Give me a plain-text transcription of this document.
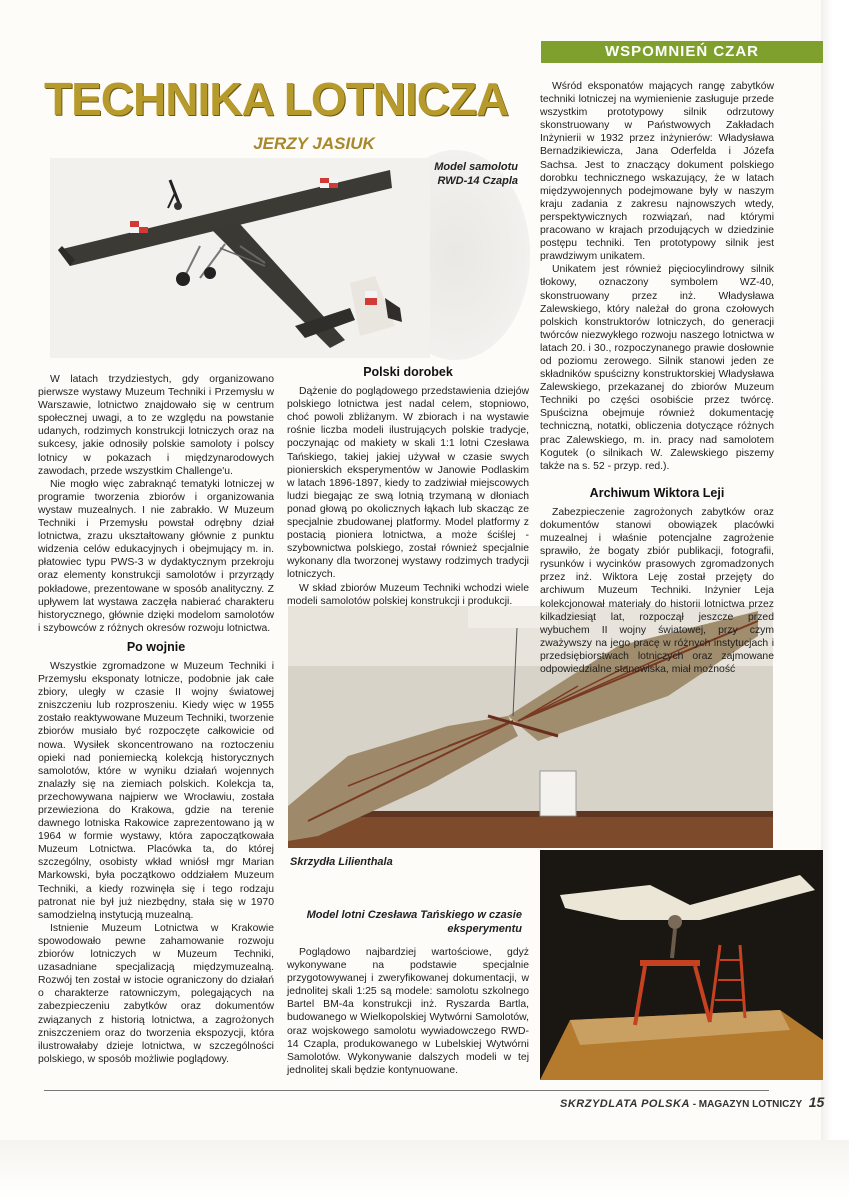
WSPOMNIEŃ CZAR
TECHNIKA LOTNICZA
JERZY JASIUK
Model samolotu RWD-14 Czapla
Skrzydła Lilienthala
Model lotni Czesława Tańskiego w czasie eksperymentu

W latach trzydziestych, gdy organizowano pierwsze wystawy Muzeum Techniki i Przemysłu w Warszawie, lotnictwo znajdowało się w centrum społecznej uwagi, a to ze względu na powstanie udanych, rodzimych konstrukcji lotniczych oraz na sukcesy, jakie odnosiły polskie samoloty i polscy lotnicy w pokazach i międzynarodowych zawodach, przede wszystkim Challenge'u.

Nie mogło więc zabraknąć tematyki lotniczej w programie tworzenia zbiorów i organizowania wystaw muzealnych. I nie zabrakło. W Muzeum Techniki i Przemysłu powstał odrębny dział lotnictwa, zrazu ukształtowany głównie z punktu widzenia celów edukacyjnych i obejmujący m. in. płatowiec typu PWS-3 w dydaktycznym przekroju oraz elementy konstrukcji samolotów i przyrządy pokładowe, prezentowane w sposób analityczny. Z upływem lat wystawa zaczęła nabierać charakteru historycznego, głównie dzięki modelom samolotów i szybowców z różnych okresów rozwoju lotnictwa.

Po wojnie

Wszystkie zgromadzone w Muzeum Techniki i Przemysłu eksponaty lotnicze, podobnie jak całe zbiory, uległy w czasie II wojny światowej zniszczeniu lub rozproszeniu. Kiedy więc w 1955 zostało reaktywowane Muzeum Techniki, tworzenie zbiorów musiało być rozpoczęte całkowicie od nowa. Wysiłek skoncentrowano na roztoczeniu opieki nad poniemiecką kolekcją historycznych samolotów, które w wyniku działań wojennych znalazły się na ziemiach polskich. Kolekcja ta, przechowywana najpierw we Wrocławiu, została przewieziona do Krakowa, gdzie na terenie dawnego lotniska Rakowice zaprezentowano ją w 1964 w formie wystawy, która zapoczątkowała Muzeum Lotnictwa. Placówka ta, do której szczególny, osobisty wkład wniósł mgr Marian Markowski, była początkowo oddziałem Muzeum Techniki, a kiedy rozwinęła się i tego rodzaju patronat nie był już niezbędny, stała się w 1970 samodzielną instytucją muzealną.

Istnienie Muzeum Lotnictwa w Krakowie spowodowało pewne zahamowanie rozwoju zbiorów lotniczych w Muzeum Techniki, uzasadniane specjalizacją międzymuzealną. Rozwój ten został w istocie ograniczony do działań o charakterze ratowniczym, polegających na zabezpieczeniu zabytków oraz dokumentów związanych z historią lotnictwa, a zagrożonych zniszczeniem oraz do tworzenia ekspozycji, która ilustrowałaby dzieje lotnictwa, w szczególności polskiego, w sposób możliwie poglądowy.

Polski dorobek

Dążenie do poglądowego przedstawienia dziejów polskiego lotnictwa jest nadal celem, stopniowo, choć powoli zbliżanym. W zbiorach i na wystawie rośnie liczba modeli ilustrujących polskie tradycje, poczynając od makiety w skali 1:1 lotni Czesława Tańskiego, takiej jakiej używał w czasie swych pionierskich eksperymentów w Janowie Podlaskim w latach 1896-1897, kiedy to zadziwiał miejscowych ludzi biegając ze swą lotnią trzymaną w dłoniach ponad głową po okolicznych łąkach lub skacząc ze specjalnie zbudowanej platformy. Model platformy z postacią pioniera lotnictwa, a może ściślej - szybownictwa polskiego, został również specjalnie wykonany dla tworzonej wystawy rodzimych tradycji lotniczych.

W skład zbiorów Muzeum Techniki wchodzi wiele modeli samolotów polskiej konstrukcji i produkcji.

Poglądowo najbardziej wartościowe, gdyż wykonywane na podstawie specjalnie przygotowywanej i zweryfikowanej dokumentacji, w jednolitej skali 1:25 są modele: samolotu szkolnego Bartel BM-4a konstrukcji inż. Ryszarda Bartla, budowanego w Wielkopolskiej Wytwórni Samolotów, oraz wojskowego samolotu wywiadowczego RWD-14 Czapla, produkowanego w Lubelskiej Wytwórni Samolotów. Wykonywanie dalszych modeli w tej jednolitej skali będzie kontynuowane.

Wśród eksponatów mających rangę zabytków techniki lotniczej na wymienienie zasługuje przede wszystkim prototypowy silnik odrzutowy skonstruowany w Państwowych Zakładach Inżynierii w 1932 przez inżynierów: Władysława Bernadzikiewicza, Jana Oderfelda i Józefa Sachsa. Jest to znaczący dokument polskiego dorobku technicznego wskazujący, że w latach międzywojennych podejmowane były w naszym kraju zadania z zakresu najnowszych wtedy, perspektywicznych rozwiązań, nad którymi pracowano w krajach przodujących w dziedzinie postępu techniki. Ten prototypowy silnik jest prawdziwym unikatem.

Unikatem jest również pięciocylindrowy silnik tłokowy, oznaczony symbolem WZ-40, skonstruowany przez inż. Władysława Zalewskiego, który należał do grona czołowych polskich konstruktorów lotniczych, do generacji twórców niezwykłego rozwoju naszego lotnictwa w latach 20. i 30., rozpoczynanego prawie dosłownie od poziomu zerowego. Silnik stanowi jeden ze składników spuścizny konstruktorskiej Władysława Zalewskiego, przekazanej do zbiorów Muzeum Techniki po części osobiście przez twórcę. Spuścizna obejmuje również dokumentację techniczną, notatki, obliczenia dotyczące różnych prac Zalewskiego, m. in. pracy nad samolotem Kogutek (o silnikach W. Zalewskiego piszemy także na s. 52 - przyp. red.).

Archiwum Wiktora Leji

Zabezpieczenie zagrożonych zabytków oraz dokumentów stanowi obowiązek placówki muzealnej i właśnie potencjalne zagrożenie sprawiło, że bogaty zbiór publikacji, fotografii, rysunków i wycinków prasowych zgromadzonych przez inż. Wiktora Leję został przejęty do archiwum Muzeum Techniki. Inżynier Leja kolekcjonował materiały do historii lotnictwa przez kilkadziesiąt lat, rozpoczął jeszcze przed wybuchem II wojny światowej, przy czym zważywszy na jego pracę w różnych instytucjach i przedsiębiorstwach lotniczych oraz zajmowane odpowiedzialne stanowiska, miał możność

SKRZYDLATA POLSKA - MAGAZYN LOTNICZY 15
